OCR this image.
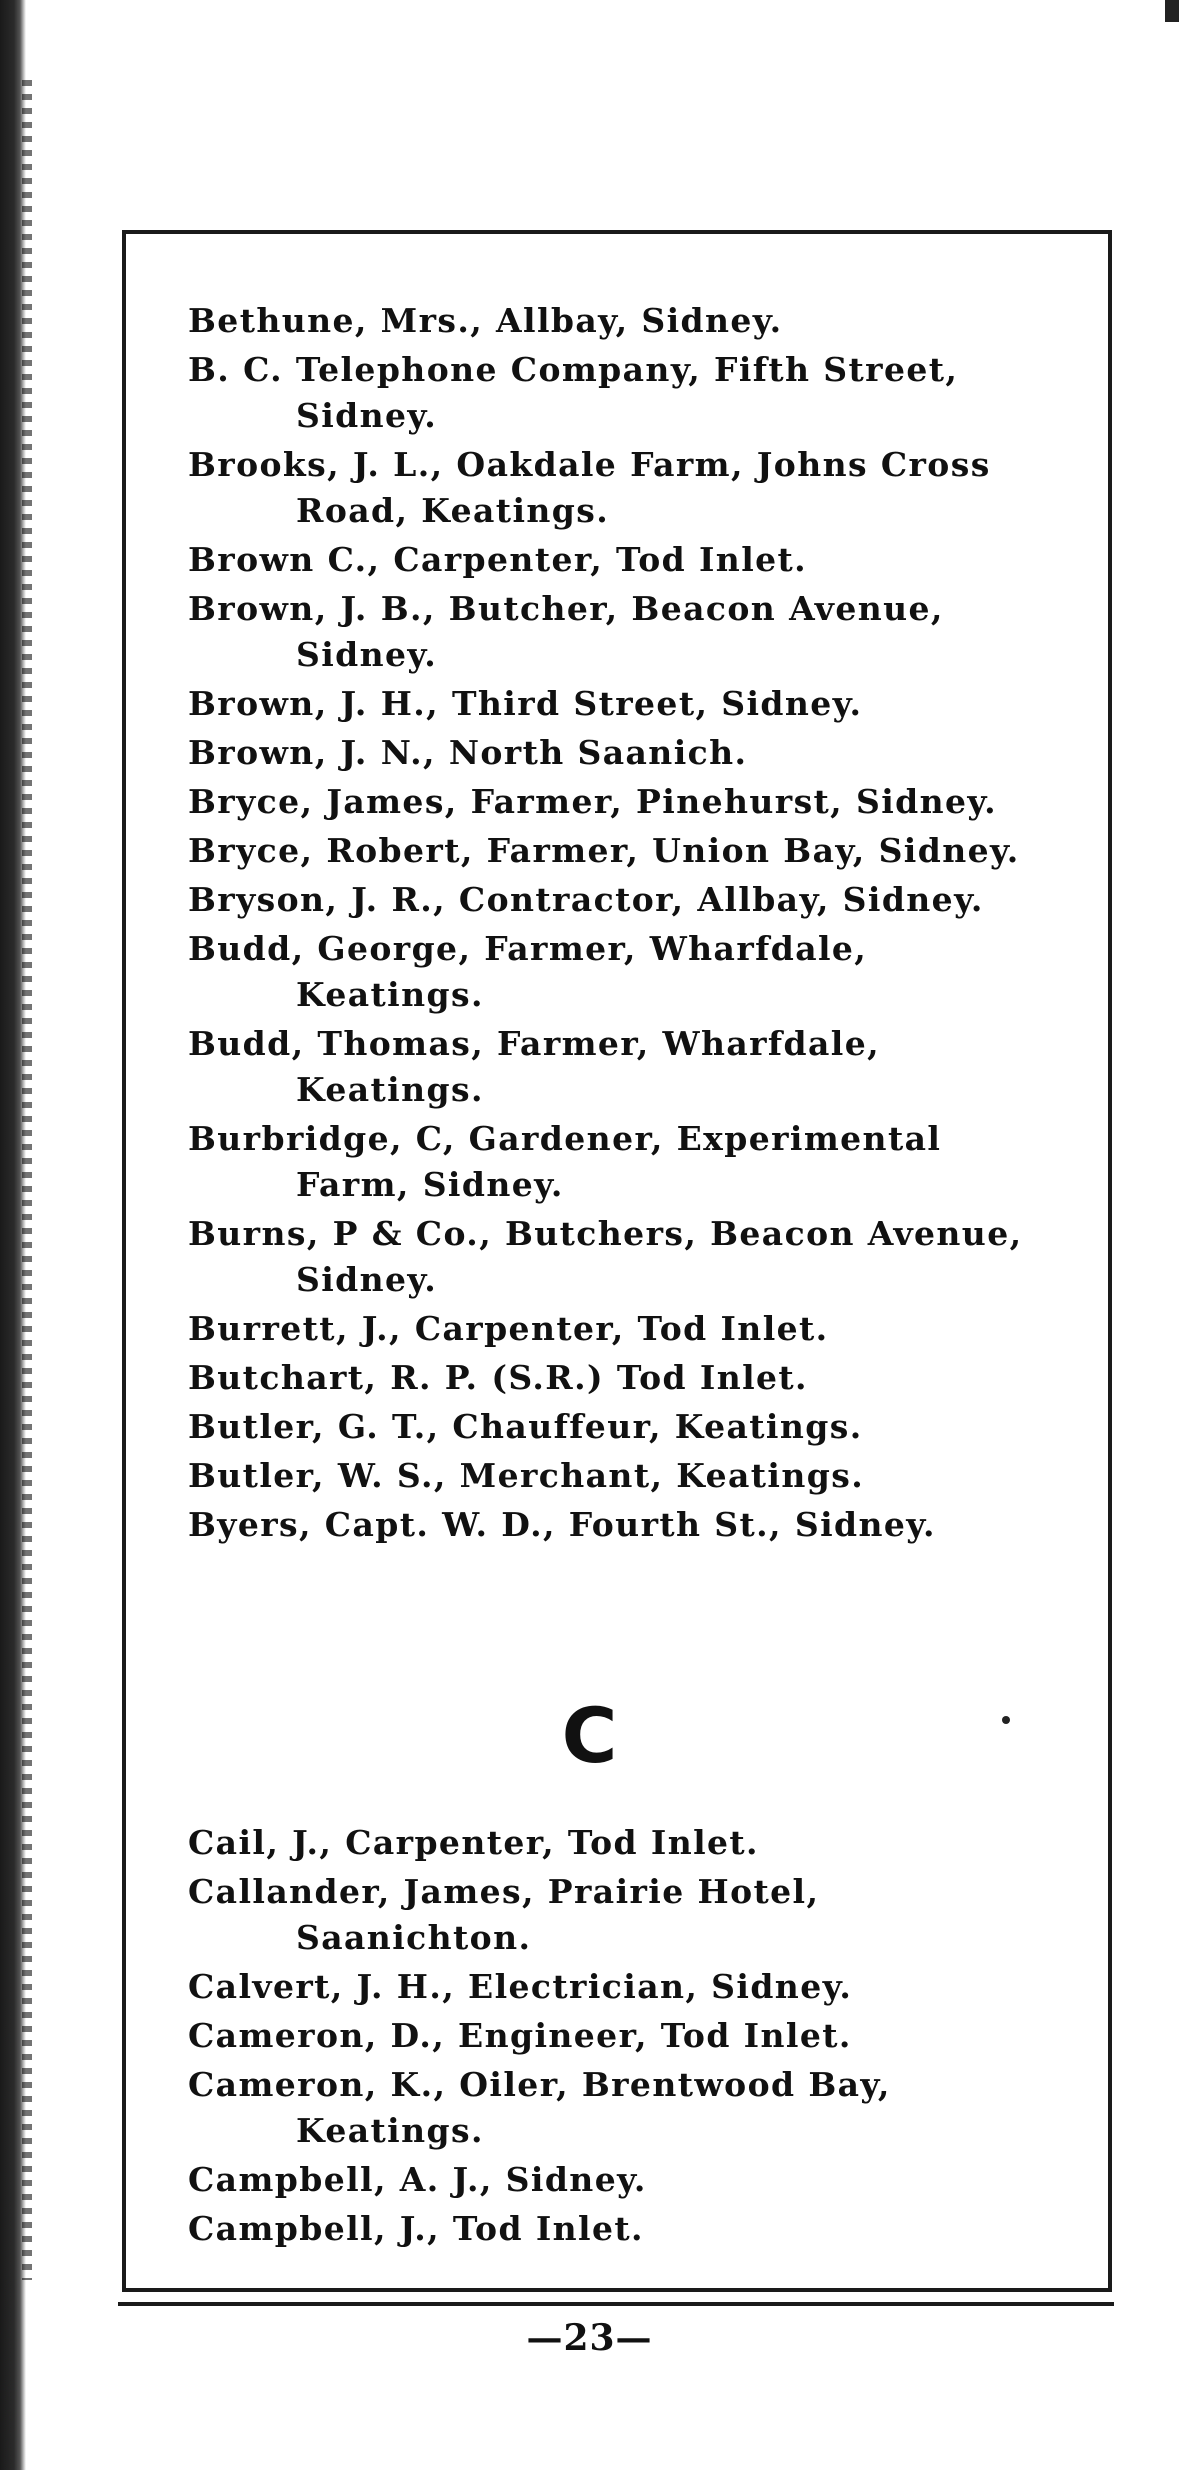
Bethune, Mrs., Allbay, Sidney.
B. C. Telephone Company, Fifth Street, Sidney.
Brooks, J. L., Oakdale Farm, Johns Cross Road, Keatings.
Brown C., Carpenter, Tod Inlet.
Brown, J. B., Butcher, Beacon Avenue, Sidney.
Brown, J. H., Third Street, Sidney.
Brown, J. N., North Saanich.
Bryce, James, Farmer, Pinehurst, Sidney.
Bryce, Robert, Farmer, Union Bay, Sidney.
Bryson, J. R., Contractor, Allbay, Sidney.
Budd, George, Farmer, Wharfdale, Keatings.
Budd, Thomas, Farmer, Wharfdale, Keatings.
Burbridge, C, Gardener, Experimental Farm, Sidney.
Burns, P & Co., Butchers, Beacon Avenue, Sidney.
Burrett, J., Carpenter, Tod Inlet.
Butchart, R. P. (S.R.) Tod Inlet.
Butler, G. T., Chauffeur, Keatings.
Butler, W. S., Merchant, Keatings.
Byers, Capt. W. D., Fourth St., Sidney.
C
Cail, J., Carpenter, Tod Inlet.
Callander, James, Prairie Hotel, Saanichton.
Calvert, J. H., Electrician, Sidney.
Cameron, D., Engineer, Tod Inlet.
Cameron, K., Oiler, Brentwood Bay, Keatings.
Campbell, A. J., Sidney.
Campbell, J., Tod Inlet.
—23—
